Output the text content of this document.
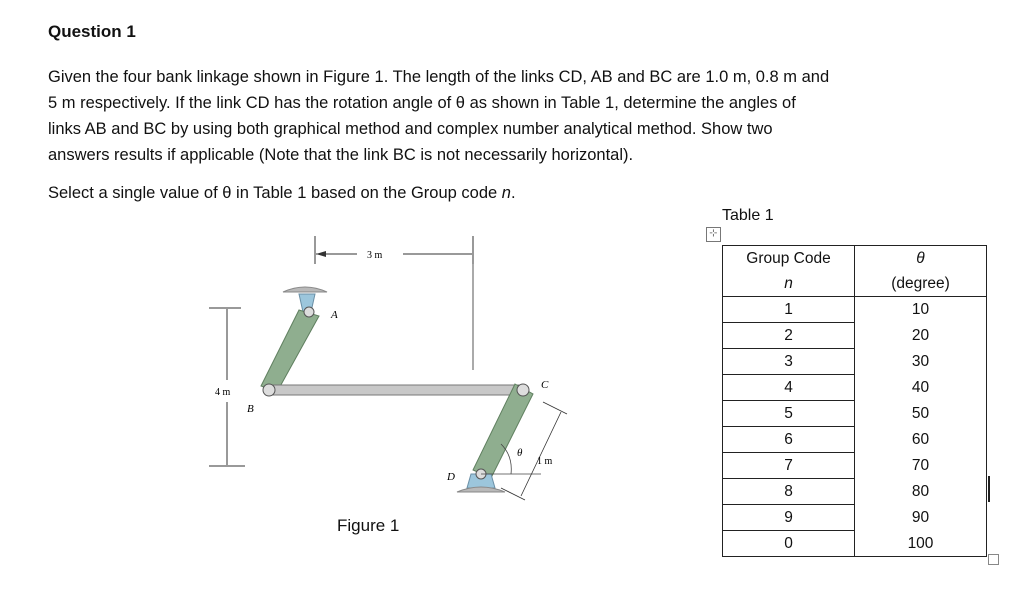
Question 1

Given the four bank linkage shown in Figure 1. The length of the links CD, AB and BC are 1.0 m, 0.8 m and

5 m respectively. If the link CD has the rotation angle of θ as shown in Table 1, determine the angles of

links AB and BC by using both graphical method and complex number analytical method. Show two

answers results if applicable (Note that the link BC is not necessarily horizontal).

Select a single value of θ in Table 1 based on the Group code n.
3 m
4 m
A
B
C
D
θ
1 m
Figure 1
Table 1
⊹
Group Code	θ
n	(degree)
1	10
2	20
3	30
4	40
5	50
6	60
7	70
8	80
9	90
0	100
